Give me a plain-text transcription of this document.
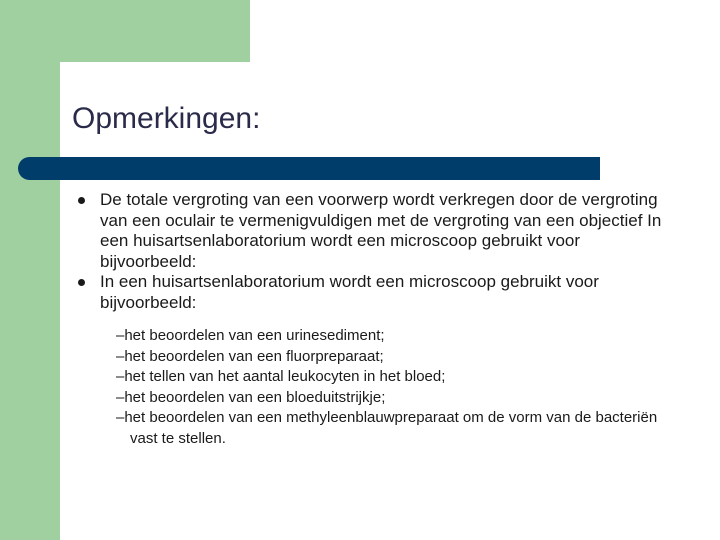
Opmerkingen:
De totale vergroting van een voorwerp wordt verkregen door de vergroting van een oculair te vermenigvuldigen met de vergroting van een objectief In een huisartsenlaboratorium wordt een microscoop gebruikt voor bijvoorbeeld:
In een huisartsenlaboratorium wordt een microscoop gebruikt voor bijvoorbeeld:
–het beoordelen van een urinesediment;
–het beoordelen van een fluorpreparaat;
–het tellen van het aantal leukocyten in het bloed;
–het beoordelen van een bloeduitstrijkje;
–het beoordelen van een methyleenblauwpreparaat om de vorm van de bacteriën vast te stellen.
